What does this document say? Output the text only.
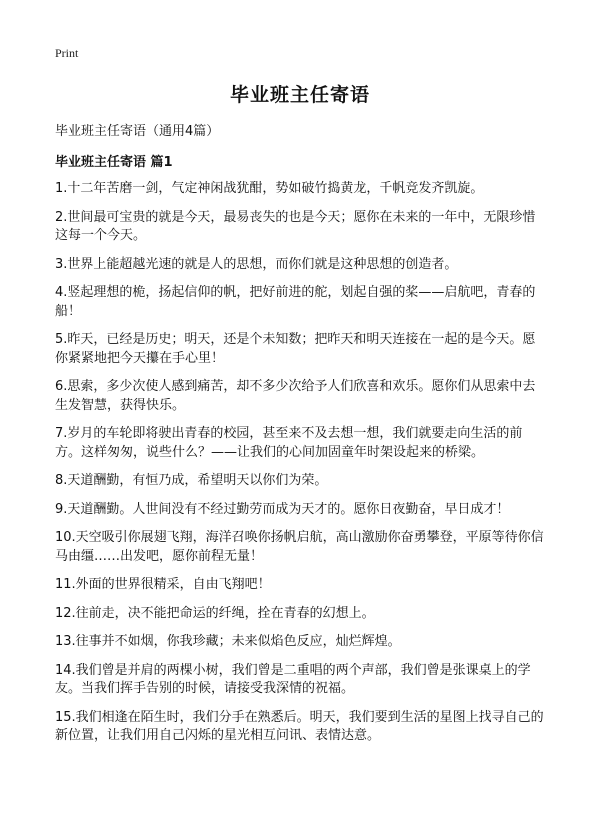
Print
毕业班主任寄语
毕业班主任寄语（通用4篇）
毕业班主任寄语 篇1

1.十二年苦磨一剑，气定神闲战犹酣，势如破竹捣黄龙，千帆竞发齐凯旋。

2.世间最可宝贵的就是今天，最易丧失的也是今天；愿你在未来的一年中，无限珍惜这每一个今天。

3.世界上能超越光速的就是人的思想，而你们就是这种思想的创造者。

4.竖起理想的桅，扬起信仰的帆，把好前进的舵，划起自强的桨——启航吧，青春的船！

5.昨天，已经是历史；明天，还是个未知数；把昨天和明天连接在一起的是今天。愿你紧紧地把今天攥在手心里！

6.思索，多少次使人感到痛苦，却不多少次给予人们欣喜和欢乐。愿你们从思索中去生发智慧，获得快乐。

7.岁月的车轮即将驶出青春的校园，甚至来不及去想一想，我们就要走向生活的前方。这样匆匆，说些什么？——让我们的心间加固童年时架设起来的桥梁。

8.天道酬勤，有恒乃成，希望明天以你们为荣。

9.天道酬勤。人世间没有不经过勤劳而成为天才的。愿你日夜勤奋，早日成才！

10.天空吸引你展翅飞翔，海洋召唤你扬帆启航，高山激励你奋勇攀登，平原等待你信马由缰……出发吧，愿你前程无量！

11.外面的世界很精采，自由飞翔吧！

12.往前走，决不能把命运的纤绳，拴在青春的幻想上。

13.往事并不如烟，你我珍藏；未来似焰色反应，灿烂辉煌。

14.我们曾是并肩的两棵小树，我们曾是二重唱的两个声部，我们曾是张课桌上的学友。当我们挥手告别的时候，请接受我深情的祝福。

15.我们相逢在陌生时，我们分手在熟悉后。明天，我们要到生活的星图上找寻自己的新位置，让我们用自己闪烁的星光相互问讯、表情达意。
